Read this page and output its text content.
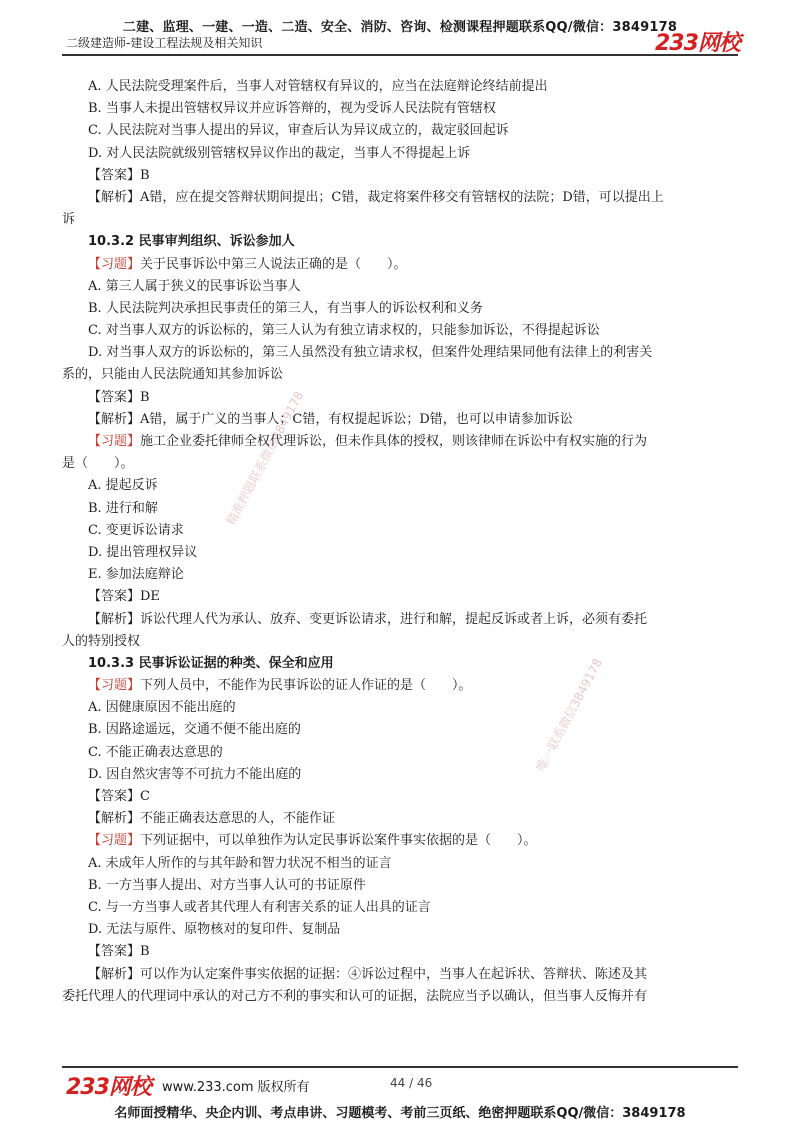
二建、监理、一建、一造、二造、安全、消防、咨询、检测课程押题联系QQ/微信：3849178
二级建造师-建设工程法规及相关知识	233网校
A. 人民法院受理案件后，当事人对管辖权有异议的，应当在法庭辩论终结前提出
B. 当事人未提出管辖权异议并应诉答辩的，视为受诉人民法院有管辖权
C. 人民法院对当事人提出的异议，审查后认为异议成立的，裁定驳回起诉
D. 对人民法院就级别管辖权异议作出的裁定，当事人不得提起上诉
【答案】B
【解析】A错，应在提交答辩状期间提出；C错，裁定将案件移交有管辖权的法院；D错，可以提出上
诉
10.3.2 民事审判组织、诉讼参加人
【习题】关于民事诉讼中第三人说法正确的是（　　）。
A. 第三人属于狭义的民事诉讼当事人
B. 人民法院判决承担民事责任的第三人，有当事人的诉讼权利和义务
C. 对当事人双方的诉讼标的，第三人认为有独立请求权的，只能参加诉讼，不得提起诉讼
D. 对当事人双方的诉讼标的，第三人虽然没有独立请求权，但案件处理结果同他有法律上的利害关
系的，只能由人民法院通知其参加诉讼
【答案】B
【解析】A错，属于广义的当事人；C错，有权提起诉讼；D错，也可以申请参加诉讼
【习题】施工企业委托律师全权代理诉讼，但未作具体的授权，则该律师在诉讼中有权实施的行为
是（　　）。
A. 提起反诉
B. 进行和解
C. 变更诉讼请求
D. 提出管理权异议
E. 参加法庭辩论
【答案】DE
【解析】诉讼代理人代为承认、放弃、变更诉讼请求，进行和解，提起反诉或者上诉，必须有委托
人的特别授权
10.3.3 民事诉讼证据的种类、保全和应用
【习题】下列人员中，不能作为民事诉讼的证人作证的是（　　）。
A. 因健康原因不能出庭的
B. 因路途遥远，交通不便不能出庭的
C. 不能正确表达意思的
D. 因自然灾害等不可抗力不能出庭的
【答案】C
【解析】不能正确表达意思的人，不能作证
【习题】下列证据中，可以单独作为认定民事诉讼案件事实依据的是（　　）。
A. 未成年人所作的与其年龄和智力状况不相当的证言
B. 一方当事人提出、对方当事人认可的书证原件
C. 与一方当事人或者其代理人有利害关系的证人出具的证言
D. 无法与原件、原物核对的复印件、复制品
【答案】B
【解析】可以作为认定案件事实依据的证据：④诉讼过程中，当事人在起诉状、答辩状、陈述及其
委托代理人的代理词中承认的对己方不利的事实和认可的证据，法院应当予以确认，但当事人反悔并有
精准押题联系微信3849178
唯一联系微信3849178
233网校 www.233.com 版权所有	44 / 46
名师面授精华、央企内训、考点串讲、习题模考、考前三页纸、绝密押题联系QQ/微信：3849178
